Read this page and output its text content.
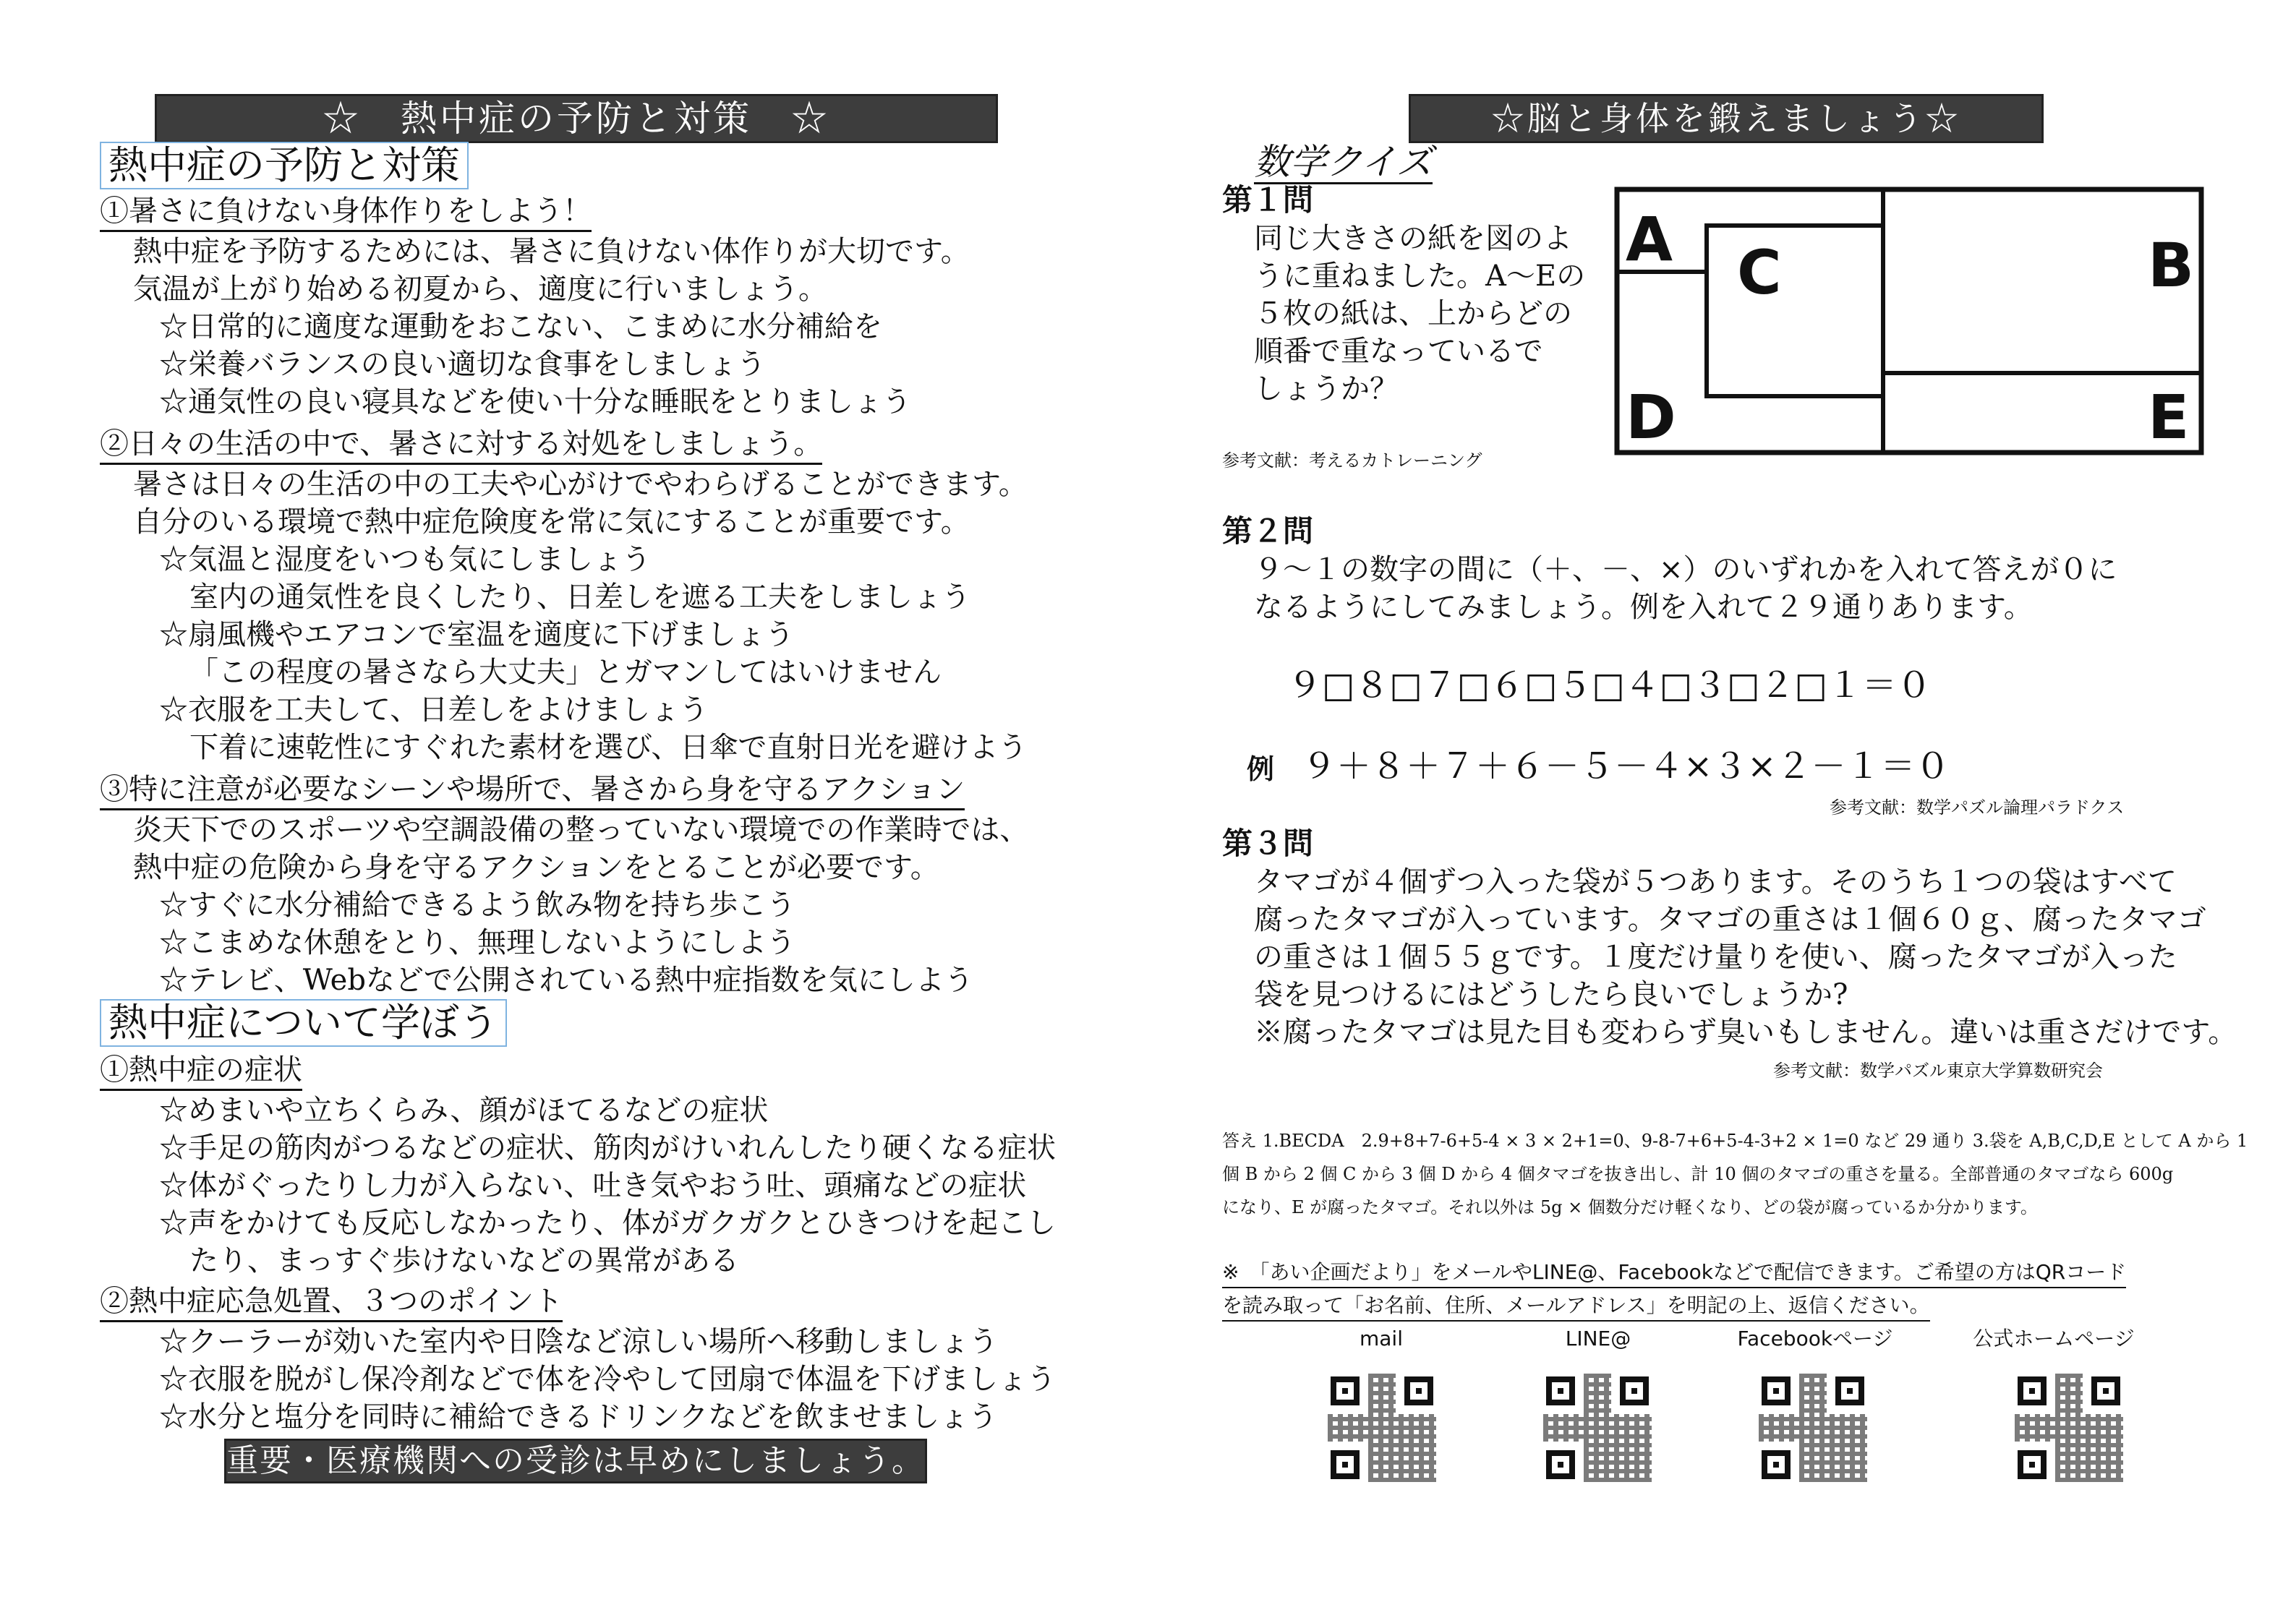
☆　熱中症の予防と対策　☆
熱中症の予防と対策
①暑さに負けない身体作りをしよう！
熱中症を予防するためには、暑さに負けない体作りが大切です。
気温が上がり始める初夏から、適度に行いましょう。
☆日常的に適度な運動をおこない、こまめに水分補給を
☆栄養バランスの良い適切な食事をしましょう
☆通気性の良い寝具などを使い十分な睡眠をとりましょう
②日々の生活の中で、暑さに対する対処をしましょう。
暑さは日々の生活の中の工夫や心がけでやわらげることができます。
自分のいる環境で熱中症危険度を常に気にすることが重要です。
☆気温と湿度をいつも気にしましょう
室内の通気性を良くしたり、日差しを遮る工夫をしましょう
☆扇風機やエアコンで室温を適度に下げましょう
「この程度の暑さなら大丈夫」とガマンしてはいけません
☆衣服を工夫して、日差しをよけましょう
下着に速乾性にすぐれた素材を選び、日傘で直射日光を避けよう
③特に注意が必要なシーンや場所で、暑さから身を守るアクション
炎天下でのスポーツや空調設備の整っていない環境での作業時では、
熱中症の危険から身を守るアクションをとることが必要です。
☆すぐに水分補給できるよう飲み物を持ち歩こう
☆こまめな休憩をとり、無理しないようにしよう
☆テレビ、Webなどで公開されている熱中症指数を気にしよう
熱中症について学ぼう
①熱中症の症状
☆めまいや立ちくらみ、顔がほてるなどの症状
☆手足の筋肉がつるなどの症状、筋肉がけいれんしたり硬くなる症状
☆体がぐったりし力が入らない、吐き気やおう吐、頭痛などの症状
☆声をかけても反応しなかったり、体がガクガクとひきつけを起こし
たり、まっすぐ歩けないなどの異常がある
②熱中症応急処置、３つのポイント
☆クーラーが効いた室内や日陰など涼しい場所へ移動しましょう
☆衣服を脱がし保冷剤などで体を冷やして団扇で体温を下げましょう
☆水分と塩分を同時に補給できるドリンクなどを飲ませましょう
重要・医療機関への受診は早めにしましょう。
☆脳と身体を鍛えましょう☆
数学クイズ
第１問
同じ大きさの紙を図のよ
うに重ねました。A～Eの
５枚の紙は、上からどの
順番で重なっているで
しょうか？
参考文献：考えるカトレーニング
A C	B
D	E
第２問
９～１の数字の間に（＋、－、×）のいずれかを入れて答えが０に
なるようにしてみましょう。例を入れて２９通りあります。
９□８□７□６□５□４□３□２□１＝０
例 ９＋８＋７＋６－５－４×３×２－１＝０
参考文献：数学パズル論理パラドクス
第３問
タマゴが４個ずつ入った袋が５つあります。そのうち１つの袋はすべて
腐ったタマゴが入っています。タマゴの重さは１個６０ｇ、腐ったタマゴ
の重さは１個５５ｇです。１度だけ量りを使い、腐ったタマゴが入った
袋を見つけるにはどうしたら良いでしょうか?
※腐ったタマゴは見た目も変わらず臭いもしません。違いは重さだけです。
参考文献：数学パズル東京大学算数研究会
答え 1.BECDA　2.9+8+7-6+5-4 × 3 × 2+1=0、9-8-7+6+5-4-3+2 × 1=0 など 29 通り 3.袋を A,B,C,D,E として A から 1
個 B から 2 個 C から 3 個 D から 4 個タマゴを抜き出し、計 10 個のタマゴの重さを量る。全部普通のタマゴなら 600g
になり、E が腐ったタマゴ。それ以外は 5g × 個数分だけ軽くなり、どの袋が腐っているか分かります。
※　「あい企画だより」をメールやLINE@、Facebookなどで配信できます。ご希望の方はQRコード
を読み取って「お名前、住所、メールアドレス」を明記の上、返信ください。
mail	LINE@	Facebookページ	公式ホームページ
